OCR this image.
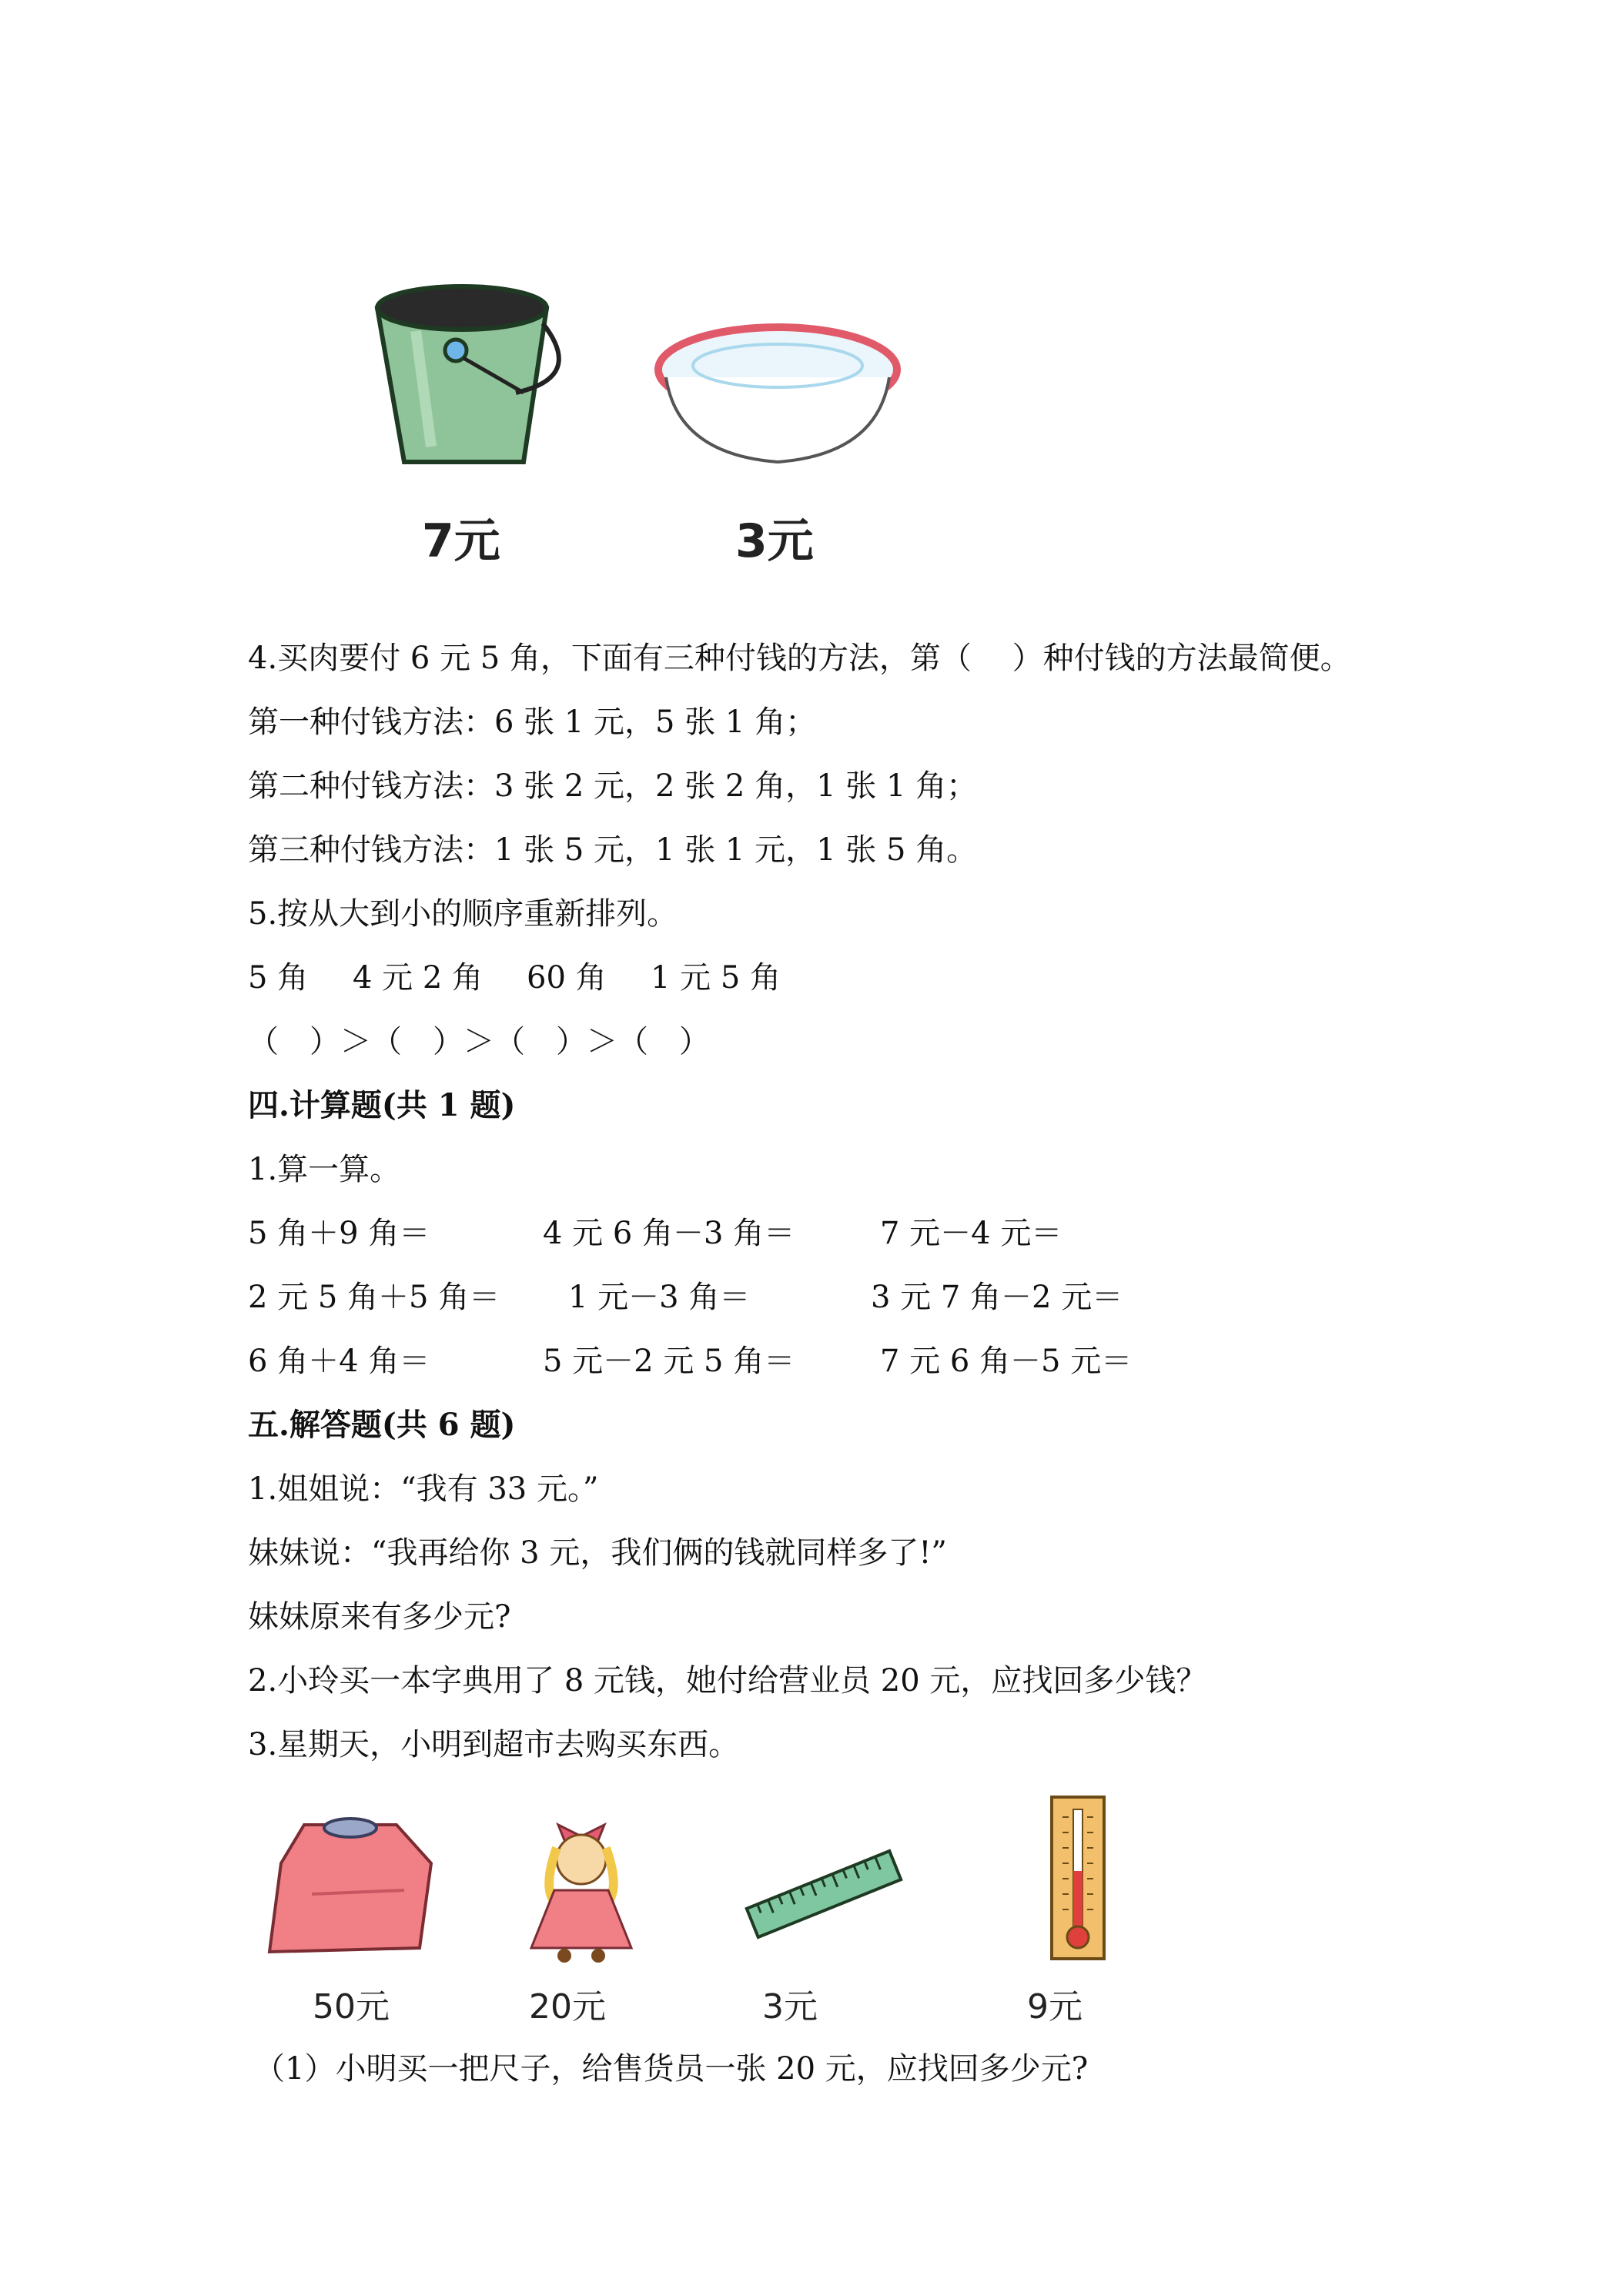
7元	3元
4.买肉要付 6 元 5 角，下面有三种付钱的方法，第（　 ）种付钱的方法最简便。
第一种付钱方法：6 张 1 元，5 张 1 角；
第二种付钱方法：3 张 2 元，2 张 2 角，1 张 1 角；
第三种付钱方法：1 张 5 元，1 张 1 元，1 张 5 角。
5.按从大到小的顺序重新排列。
5 角 4 元 2 角 60 角 1 元 5 角
（　）＞（　）＞（　）＞（　）
四.计算题(共 1 题)
1.算一算。
5 角＋9 角＝	4 元 6 角－3 角＝	7 元－4 元＝
2 元 5 角＋5 角＝ 1 元－3 角＝	3 元 7 角－2 元＝
6 角＋4 角＝	5 元－2 元 5 角＝	7 元 6 角－5 元＝
五.解答题(共 6 题)
1.姐姐说：“我有 33 元。”
妹妹说：“我再给你 3 元，我们俩的钱就同样多了!”
妹妹原来有多少元?
2.小玲买一本字典用了 8 元钱，她付给营业员 20 元，应找回多少钱？
3.星期天，小明到超市去购买东西。
50元	20元	3元	9元
（1）小明买一把尺子，给售货员一张 20 元，应找回多少元?
